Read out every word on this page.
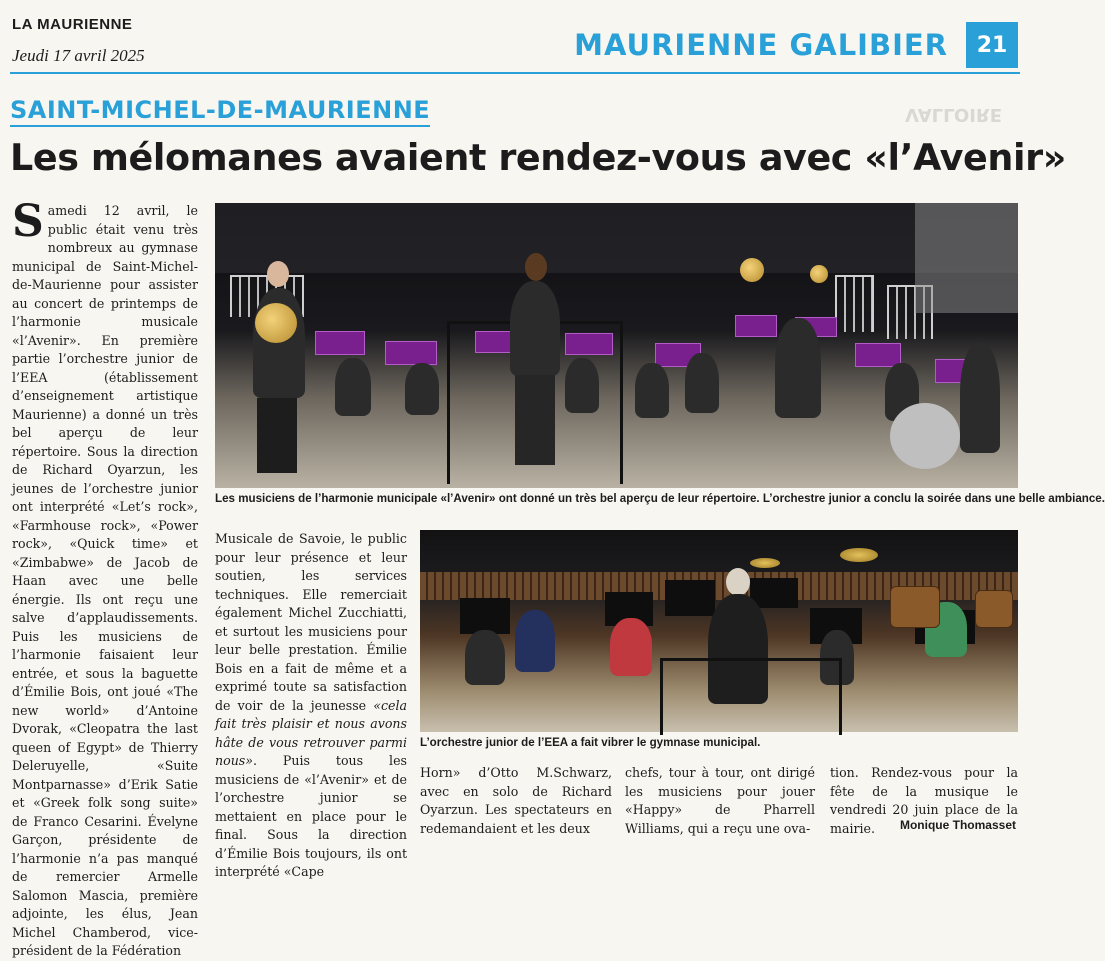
LA MAURIENNE
Jeudi 17 avril 2025	MAURIENNE GALIBIER	21
SAINT-MICHEL-DE-MAURIENNE	VALLOIRE
Les mélomanes avaient rendez-vous avec «l’Avenir»

Samedi 12 avril, le public était venu très nombreux au gymnase municipal de Saint-Michel-de-Maurienne pour assister au concert de printemps de l’harmonie musicale «l’Avenir». En première partie l’orchestre junior de l’EEA (établissement d’enseignement artistique Maurienne) a donné un très bel aperçu de leur répertoire. Sous la direction de Richard Oyarzun, les jeunes de l’orchestre junior ont interprété «Let’s rock», «Farmhouse rock», «Power rock», «Quick time» et «Zimbabwe» de Jacob de Haan avec une belle énergie. Ils ont reçu une salve d’applaudissements. Puis les musiciens de l’harmonie faisaient leur entrée, et sous la baguette d’Émilie Bois, ont joué «The new world» d’Antoine Dvorak, «Cleopatra the last queen of Egypt» de Thierry Deleruyelle, «Suite Montparnasse» d’Erik Satie et «Greek folk song suite» de Franco Cesarini. Évelyne Garçon, présidente de l’harmonie n’a pas manqué de remercier Armelle Salomon Mascia, première adjointe, les élus, Jean Michel Chamberod, vice-président de la Fédération

Les musiciens de l’harmonie municipale «l’Avenir» ont donné un très bel aperçu de leur répertoire. L’orchestre junior a conclu la soirée dans une belle ambiance.

Musicale de Savoie, le public pour leur présence et leur soutien, les services techniques. Elle remerciait également Michel Zucchiatti, et surtout les musiciens pour leur belle prestation. Émilie Bois en a fait de même et a exprimé toute sa satisfaction de voir de la jeunesse «cela fait très plaisir et nous avons hâte de vous retrouver parmi nous». Puis tous les musiciens de «l’Avenir» et de l’orchestre junior se mettaient en place pour le final. Sous la direction d’Émilie Bois toujours, ils ont interprété «Cape

L’orchestre junior de l’EEA a fait vibrer le gymnase municipal.

Horn» d’Otto M.Schwarz, avec en solo de Richard Oyarzun. Les spectateurs en redemandaient et les deux

chefs, tour à tour, ont dirigé les musiciens pour jouer «Happy» de Pharrell Williams, qui a reçu une ova-

tion. Rendez-vous pour la fête de la musique le vendredi 20 juin place de la mairie.	Monique Thomasset
